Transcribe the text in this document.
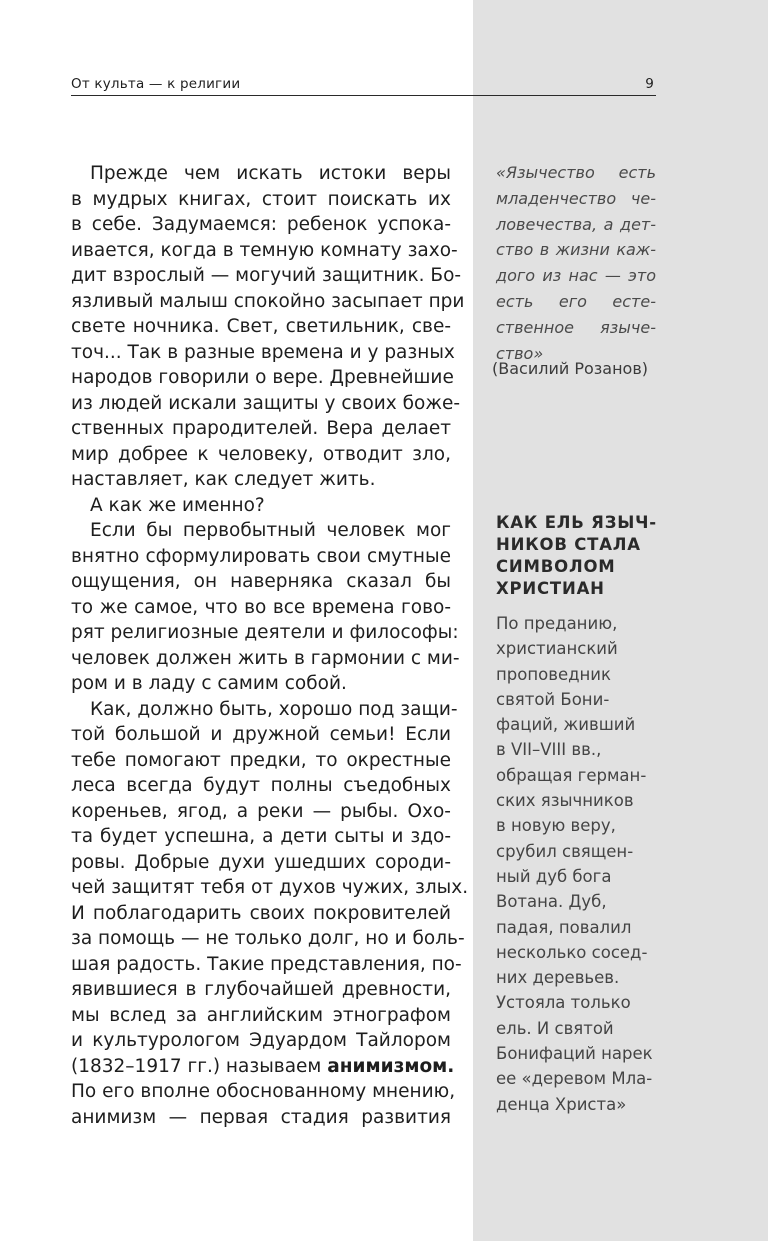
От культа — к религии	9
Прежде чем искать истоки веры
в мудрых книгах, стоит поискать их
в себе. Задумаемся: ребенок успока-
ивается, когда в темную комнату захо-
дит взрослый — могучий защитник. Бо-
язливый малыш спокойно засыпает при
свете ночника. Свет, светильник, све-
точ... Так в разные времена и у разных
народов говорили о вере. Древнейшие
из людей искали защиты у своих боже-
ственных прародителей. Вера делает
мир добрее к человеку, отводит зло,
наставляет, как следует жить.
А как же именно?
Если бы первобытный человек мог
внятно сформулировать свои смутные
ощущения, он наверняка сказал бы
то же самое, что во все времена гово-
рят религиозные деятели и философы:
человек должен жить в гармонии с ми-
ром и в ладу с самим собой.
Как, должно быть, хорошо под защи-
той большой и дружной семьи! Если
тебе помогают предки, то окрестные
леса всегда будут полны съедобных
кореньев, ягод, а реки — рыбы. Охо-
та будет успешна, а дети сыты и здо-
ровы. Добрые духи ушедших сороди-
чей защитят тебя от духов чужих, злых.
И поблагодарить своих покровителей
за помощь — не только долг, но и боль-
шая радость. Такие представления, по-
явившиеся в глубочайшей древности,
мы вслед за английским этнографом
и культурологом Эдуардом Тайлором
(1832–1917 гг.) называем анимизмом.
По его вполне обоснованному мнению,
анимизм — первая стадия развития
«Язычество есть
младенчество че-
ловечества, а дет-
ство в жизни каж-
дого из нас — это
есть его есте-
ственное язычe-
ство»
(Василий Розанов)
КАК ЕЛЬ ЯЗЫЧ-
НИКОВ СТАЛА
СИМВОЛОМ
ХРИСТИАН
По преданию,
христианский
проповедник
святой Бони-
фаций, живший
в VII–VIII вв.,
обращая герман-
ских язычников
в новую веру,
срубил священ-
ный дуб бога
Вотана. Дуб,
падая, повалил
несколько сосед-
них деревьев.
Устояла только
ель. И святой
Бонифаций нарек
ее «деревом Мла-
денца Христа»
